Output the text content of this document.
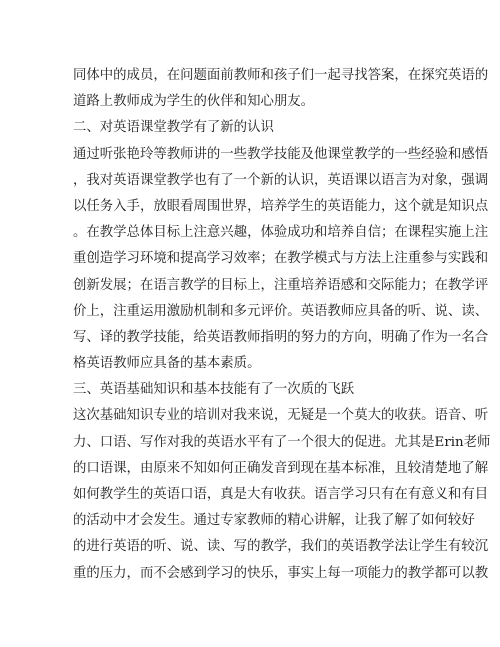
同体中的成员，在问题面前教师和孩子们一起寻找答案，在探究英语的
道路上教师成为学生的伙伴和知心朋友。
二、对英语课堂教学有了新的认识
通过听张艳玲等教师讲的一些教学技能及他课堂教学的一些经验和感悟
，我对英语课堂教学也有了一个新的认识，英语课以语言为对象，强调
以任务入手，放眼看周围世界，培养学生的英语能力，这个就是知识点
。在教学总体目标上注意兴趣，体验成功和培养自信；在课程实施上注
重创造学习环境和提高学习效率；在教学模式与方法上注重参与实践和
创新发展；在语言教学的目标上，注重培养语感和交际能力；在教学评
价上，注重运用激励机制和多元评价。英语教师应具备的听、说、读、
写、译的教学技能，给英语教师指明的努力的方向，明确了作为一名合
格英语教师应具备的基本素质。
三、英语基础知识和基本技能有了一次质的飞跃
这次基础知识专业的培训对我来说，无疑是一个莫大的收获。语音、听
力、口语、写作对我的英语水平有了一个很大的促进。尤其是Erin老师
的口语课，由原来不知如何正确发音到现在基本标准，且较清楚地了解
如何教学生的英语口语，真是大有收获。语言学习只有在有意义和有目
的活动中才会发生。通过专家教师的精心讲解，让我了解了如何较好
的进行英语的听、说、读、写的教学，我们的英语教学法让学生有较沉
重的压力，而不会感到学习的快乐，事实上每一项能力的教学都可以教
